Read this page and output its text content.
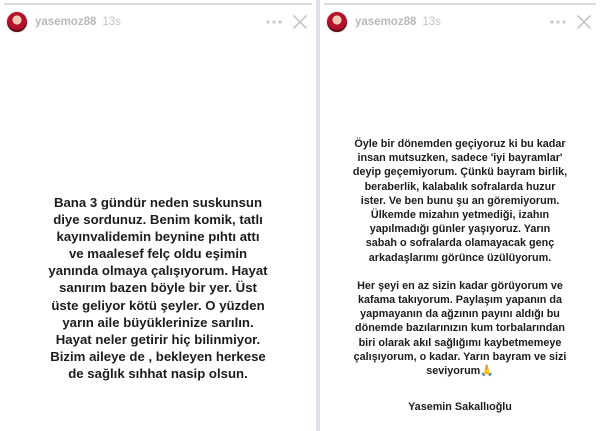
yasemoz88 13s

Bana 3 gündür neden suskunsun

diye sordunuz. Benim komik, tatlı

kayınvalidemin beynine pıhtı attı

ve maalesef felç oldu eşimin

yanında olmaya çalışıyorum. Hayat

sanırım bazen böyle bir yer. Üst

üste geliyor kötü şeyler. O yüzden

yarın aile büyüklerinize sarılın.

Hayat neler getirir hiç bilinmiyor.

Bizim aileye de , bekleyen herkese

de sağlık sıhhat nasip olsun.

yasemoz88 13s

Öyle bir dönemden geçiyoruz ki bu kadar

insan mutsuzken, sadece 'iyi bayramlar'

deyip geçemiyorum. Çünkü bayram birlik,

beraberlik, kalabalık sofralarda huzur

ister. Ve ben bunu şu an göremiyorum.

Ülkemde mizahın yetmediği, izahın

yapılmadığı günler yaşıyoruz. Yarın

sabah o sofralarda olamayacak genç

arkadaşlarımı görünce üzülüyorum.

Her şeyi en az sizin kadar görüyorum ve

kafama takıyorum. Paylaşım yapanın da

yapmayanın da ağzının payını aldığı bu

dönemde bazılarınızın kum torbalarından

biri olarak akıl sağlığımı kaybetmemeye

çalışıyorum, o kadar. Yarın bayram ve sizi

seviyorum🙏

Yasemin Sakallıoğlu
